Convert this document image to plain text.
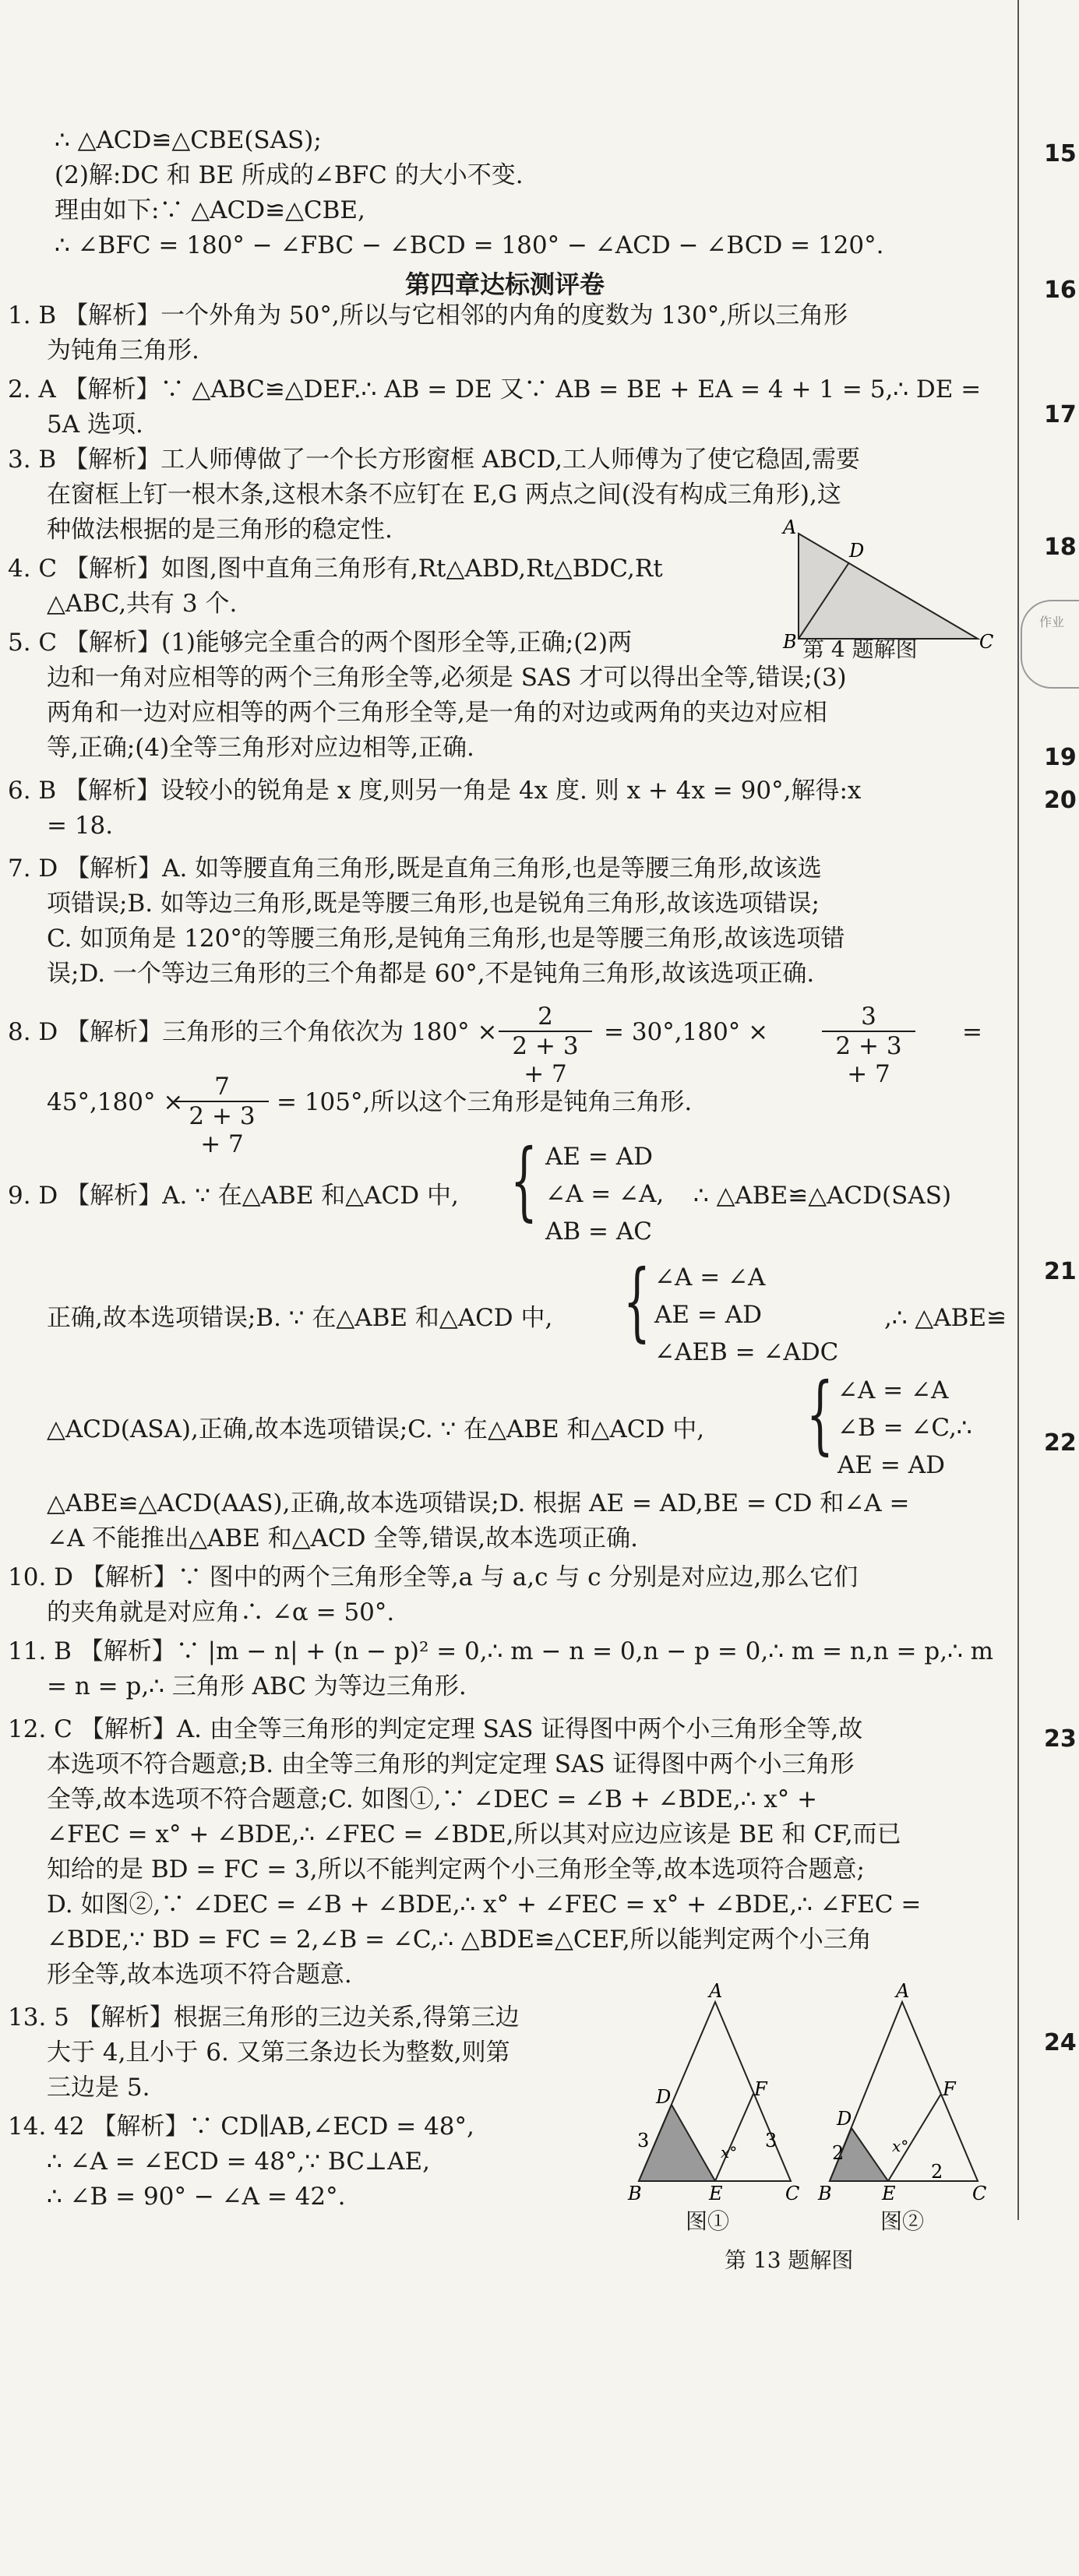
∴ △ACD≌△CBE(SAS);
(2)解:DC 和 BE 所成的∠BFC 的大小不变.
理由如下:∵ △ACD≌△CBE,
∴ ∠BFC = 180° − ∠FBC − ∠BCD = 180° − ∠ACD − ∠BCD = 120°.
第四章达标测评卷
1. B 【解析】一个外角为 50°,所以与它相邻的内角的度数为 130°,所以三角形
为钝角三角形.
2. A 【解析】∵ △ABC≌△DEF.∴ AB = DE 又∵ AB = BE + EA = 4 + 1 = 5,∴ DE =
5A 选项.
3. B 【解析】工人师傅做了一个长方形窗框 ABCD,工人师傅为了使它稳固,需要
在窗框上钉一根木条,这根木条不应钉在 E,G 两点之间(没有构成三角形),这
种做法根据的是三角形的稳定性.
4. C 【解析】如图,图中直角三角形有,Rt△ABD,Rt△BDC,Rt
△ABC,共有 3 个.
5. C 【解析】(1)能够完全重合的两个图形全等,正确;(2)两
边和一角对应相等的两个三角形全等,必须是 SAS 才可以得出全等,错误;(3)
两角和一边对应相等的两个三角形全等,是一角的对边或两角的夹边对应相
等,正确;(4)全等三角形对应边相等,正确.
A
B	C
D
第 4 题解图
6. B 【解析】设较小的锐角是 x 度,则另一角是 4x 度. 则 x + 4x = 90°,解得:x
= 18.
7. D 【解析】A. 如等腰直角三角形,既是直角三角形,也是等腰三角形,故该选
项错误;B. 如等边三角形,既是等腰三角形,也是锐角三角形,故该选项错误;
C. 如顶角是 120°的等腰三角形,是钝角三角形,也是等腰三角形,故该选项错
误;D. 一个等边三角形的三个角都是 60°,不是钝角三角形,故该选项正确.
8. D 【解析】三角形的三个角依次为 $180^\circ \times \frac{2}{2 + 3 + 7} = 30^\circ,180^\circ \times \frac{3}{2 + 3 + 7}$ =
45°,180° ×
$\frac{7}{2 + 3 + 7} = 105^\circ$,所以这个三角形是钝角三角形.
9. D 【解析】A. ∵ 在△ABE 和△ACD 中, { AE = AD
∠A = ∠A,
AB = AC
∴ △ABE≌△ACD(SAS)
正确,故本选项错误;B. ∵ 在△ABE 和△ACD 中, { ∠A = ∠A
AE = AD
∠AEB = ∠ADC
,∴ △ABE≌
△ACD(ASA),正确,故本选项错误;C. ∵ 在△ABE 和△ACD 中, { ∠A = ∠A
∠B = ∠C,∴
AE = AD
△ABE≌△ACD(AAS),正确,故本选项错误;D. 根据 AE = AD,BE = CD 和∠A =
∠A 不能推出△ABE 和△ACD 全等,错误,故本选项正确.
10. D 【解析】∵ 图中的两个三角形全等,a 与 a,c 与 c 分别是对应边,那么它们
的夹角就是对应角∴ ∠α = 50°.
11. B 【解析】∵ |m − n| + (n − p)² = 0,∴ m − n = 0,n − p = 0,∴ m = n,n = p,∴ m
= n = p,∴ 三角形 ABC 为等边三角形.
12. C 【解析】A. 由全等三角形的判定定理 SAS 证得图中两个小三角形全等,故
本选项不符合题意;B. 由全等三角形的判定定理 SAS 证得图中两个小三角形
全等,故本选项不符合题意;C. 如图①,∵ ∠DEC = ∠B + ∠BDE,∴ x° +
∠FEC = x° + ∠BDE,∴ ∠FEC = ∠BDE,所以其对应边应该是 BE 和 CF,而已
知给的是 BD = FC = 3,所以不能判定两个小三角形全等,故本选项符合题意;
D. 如图②,∵ ∠DEC = ∠B + ∠BDE,∴ x° + ∠FEC = x° + ∠BDE,∴ ∠FEC =
∠BDE,∵ BD = FC = 2,∠B = ∠C,∴ △BDE≌△CEF,所以能判定两个小三角
形全等,故本选项不符合题意.
13. 5 【解析】根据三角形的三边关系,得第三边
大于 4,且小于 6. 又第三条边长为整数,则第
三边是 5.
14. 42 【解析】∵ CD∥AB,∠ECD = 48°,
∴ ∠A = ∠ECD = 48°,∵ BC⊥AE,
∴ ∠B = 90° − ∠A = 42°.
A
D	F
B	E	C
3	3
x°
A
D
F
B	E	C
2
2
x°
图①	图②
第 13 题解图
15
16
17
18
19
20
21
22
23
24
作业
